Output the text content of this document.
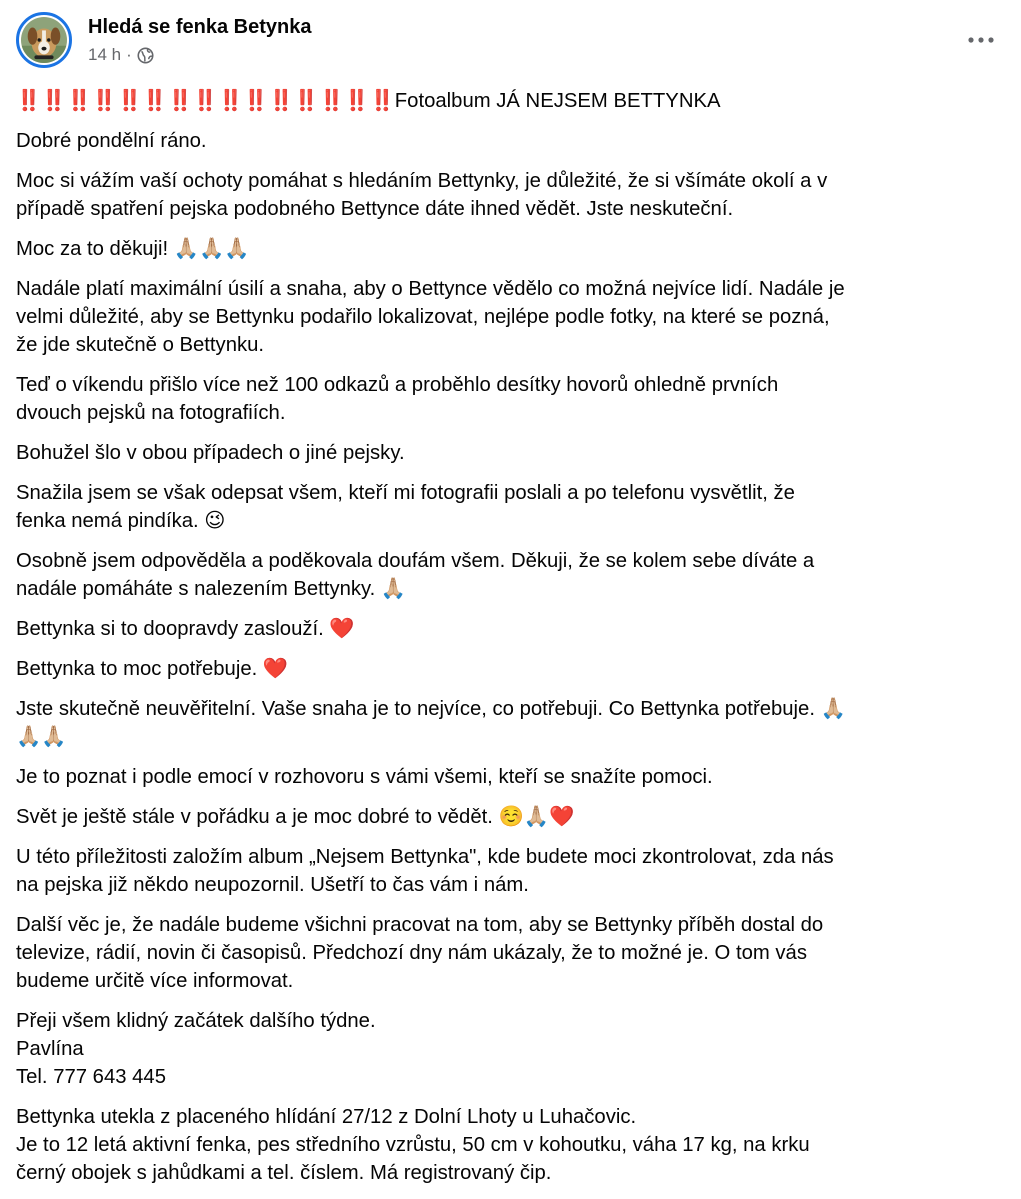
Hledá se fenka Betynka
14 h ·

‼️‼️‼️‼️‼️‼️‼️‼️‼️‼️‼️‼️‼️‼️‼️Fotoalbum JÁ NEJSEM BETTYNKA

Dobré pondělní ráno.

Moc si vážím vaší ochoty pomáhat s hledáním Bettynky, je důležité, že si všímáte okolí a v
případě spatření pejska podobného Bettynce dáte ihned vědět. Jste neskuteční.

Moc za to děkuji! 🙏🏼🙏🏼🙏🏼

Nadále platí maximální úsilí a snaha, aby o Bettynce vědělo co možná nejvíce lidí. Nadále je
velmi důležité, aby se Bettynku podařilo lokalizovat, nejlépe podle fotky, na které se pozná,
že jde skutečně o Bettynku.

Teď o víkendu přišlo více než 100 odkazů a proběhlo desítky hovorů ohledně prvních
dvouch pejsků na fotografiích.

Bohužel šlo v obou případech o jiné pejsky.

Snažila jsem se však odepsat všem, kteří mi fotografii poslali a po telefonu vysvětlit, že
fenka nemá pindíka. 😉

Osobně jsem odpověděla a poděkovala doufám všem. Děkuji, že se kolem sebe díváte a
nadále pomáháte s nalezením Bettynky. 🙏🏼

Bettynka si to doopravdy zaslouží. ❤️

Bettynka to moc potřebuje. ❤️

Jste skutečně neuvěřitelní. Vaše snaha je to nejvíce, co potřebuji. Co Bettynka potřebuje. 🙏🏼
🙏🏼🙏🏼

Je to poznat i podle emocí v rozhovoru s vámi všemi, kteří se snažíte pomoci.

Svět je ještě stále v pořádku a je moc dobré to vědět. ☺️🙏🏼❤️

U této příležitosti založím album „Nejsem Bettynka", kde budete moci zkontrolovat, zda nás
na pejska již někdo neupozornil. Ušetří to čas vám i nám.

Další věc je, že nadále budeme všichni pracovat na tom, aby se Bettynky příběh dostal do
televize, rádií, novin či časopisů. Předchozí dny nám ukázaly, že to možné je. O tom vás
budeme určitě více informovat.

Přeji všem klidný začátek dalšího týdne.
Pavlína
Tel. 777 643 445

Bettynka utekla z placeného hlídání 27/12 z Dolní Lhoty u Luhačovic.
Je to 12 letá aktivní fenka, pes středního vzrůstu, 50 cm v kohoutku, váha 17 kg, na krku
černý obojek s jahůdkami a tel. číslem. Má registrovaný čip.
